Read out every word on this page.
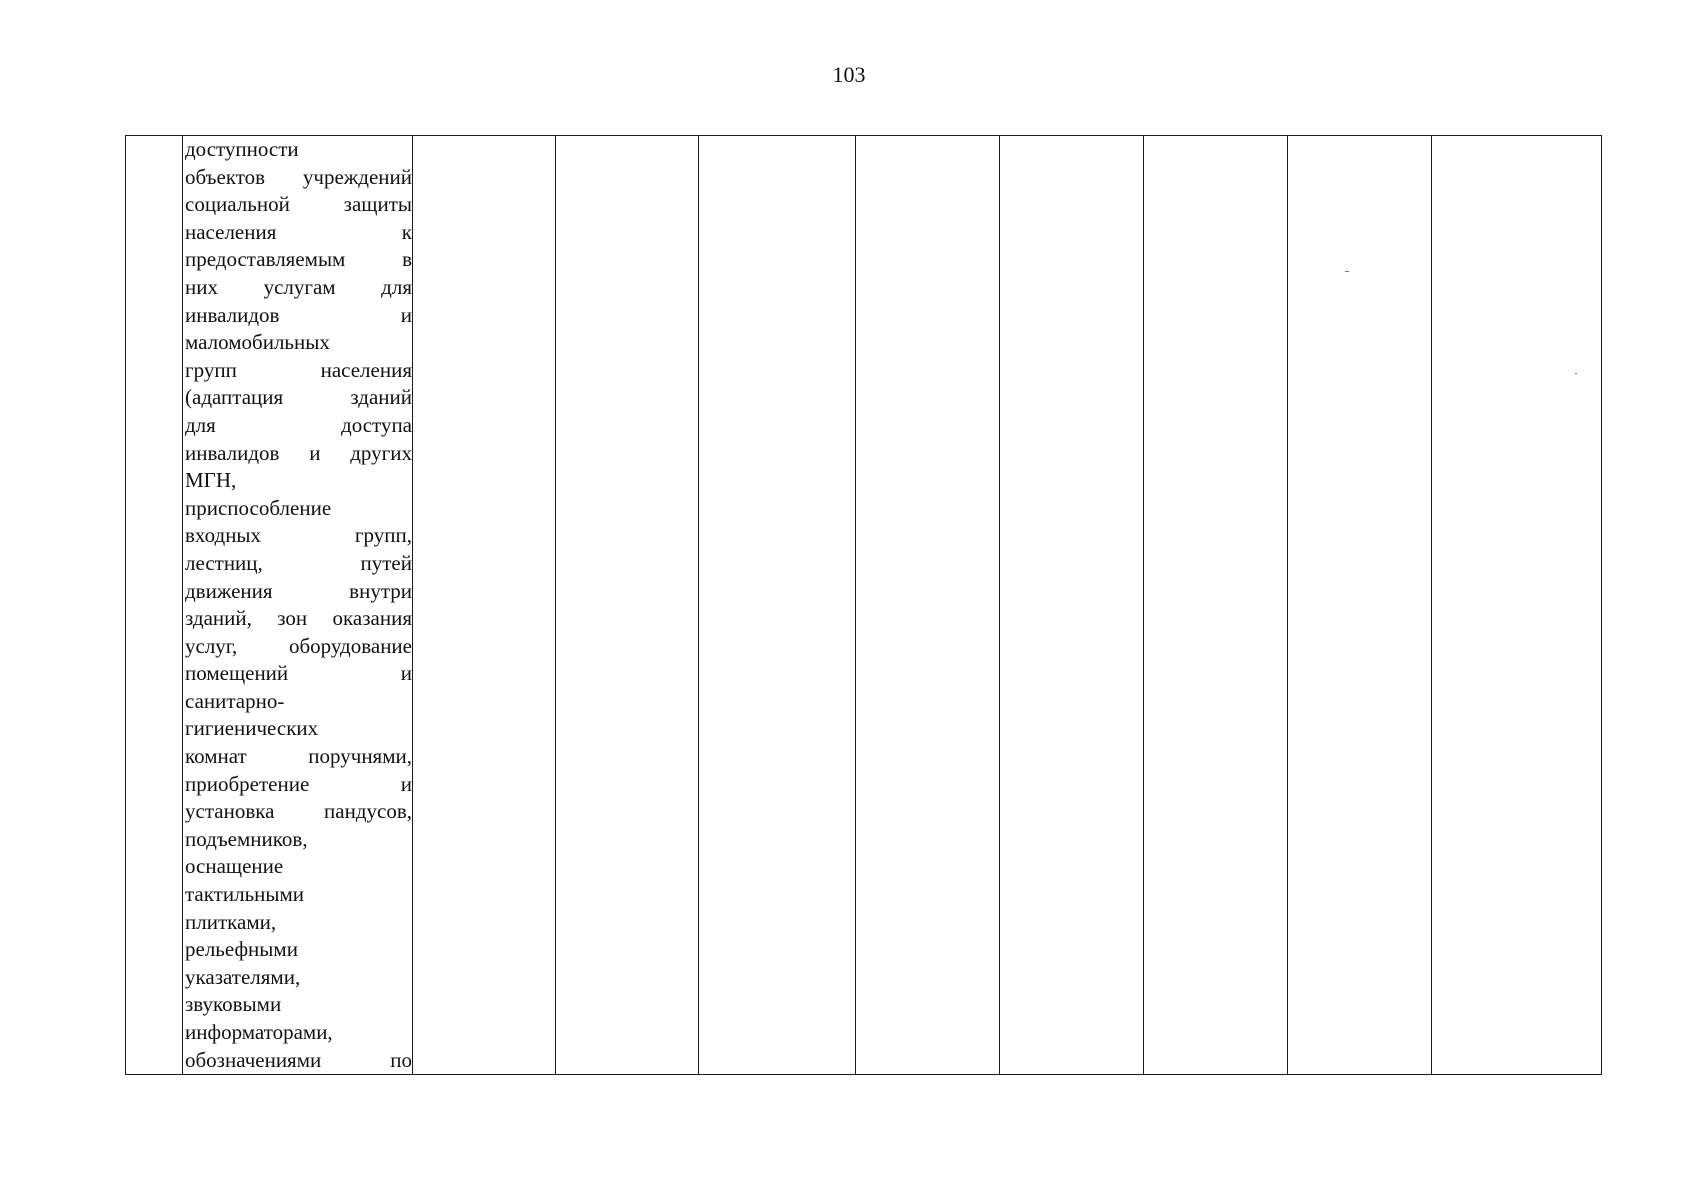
103

доступности
объектов учреждений
социальной защиты
населения к
предоставляемым в
них услугам для
инвалидов и
маломобильных
групп населения
(адаптация зданий
для доступа
инвалидов и других
МГН,
приспособление
входных групп,
лестниц, путей
движения внутри
зданий, зон оказания
услуг, оборудование
помещений и
санитарно-
гигиенических
комнат поручнями,
приобретение и
установка пандусов,
подъемников,
оснащение
тактильными
плитками,
рельефными
указателями,
звуковыми
информаторами,
обозначениями по
